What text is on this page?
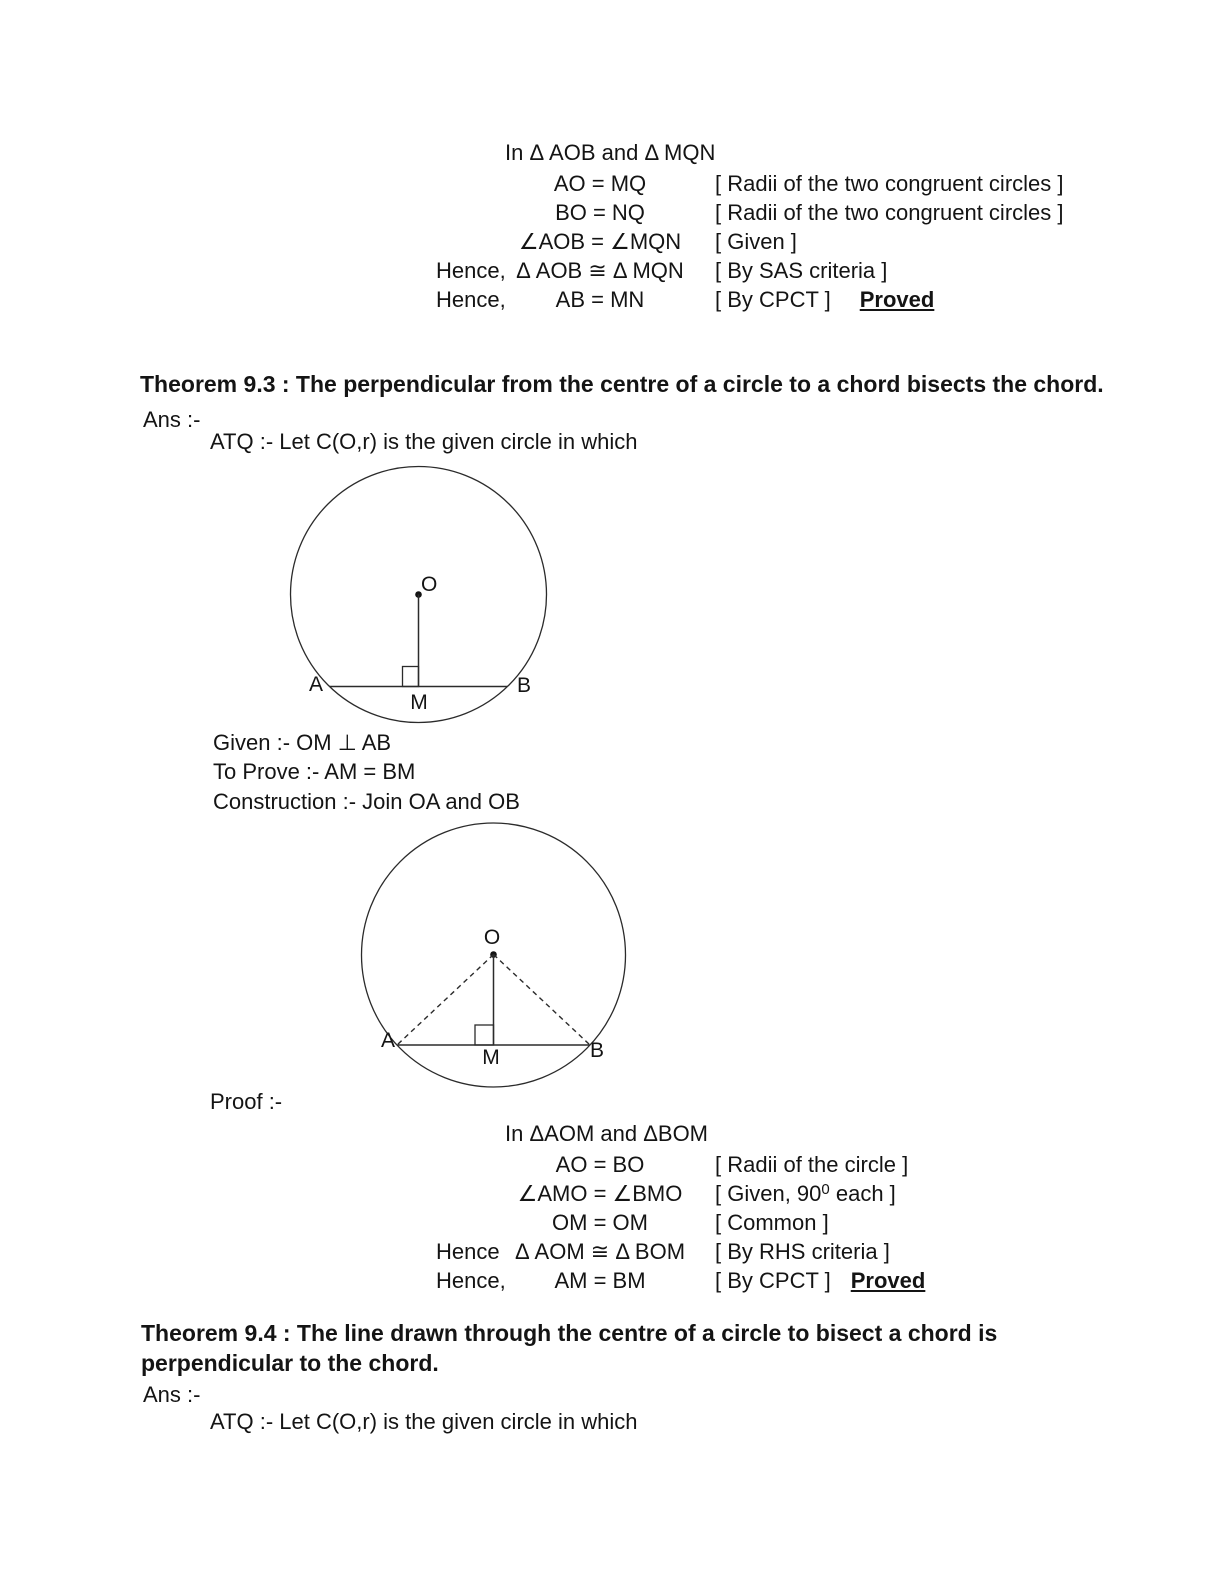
In Δ AOB and Δ MQN
AO = MQ	[ Radii of the two congruent circles ]
BO = NQ	[ Radii of the two congruent circles ]
∠AOB = ∠MQN	[ Given ]
Hence, Δ AOB ≅ Δ MQN	[ By SAS criteria ]
Hence,	AB = MN	[ By CPCT ] Proved
Theorem 9.3 : The perpendicular from the centre of a circle to a chord bisects the chord.
Ans :-
ATQ :- Let C(O,r) is the given circle in which
O
A	B
M
Given :- OM ⊥ AB
To Prove :- AM = BM
Construction :- Join OA and OB
O
A	B
M
Proof :-
In ΔAOM and ΔBOM
AO = BO	[ Radii of the circle ]
∠AMO = ∠BMO	[ Given, $90^0$ each ]
OM = OM	[ Common ]
Hence Δ AOM ≅ Δ BOM	[ By RHS criteria ]
Hence,	AM = BM	[ By CPCT ] Proved
Theorem 9.4 : The line drawn through the centre of a circle to bisect a chord is perpendicular to the chord.
Ans :-
ATQ :- Let C(O,r) is the given circle in which
